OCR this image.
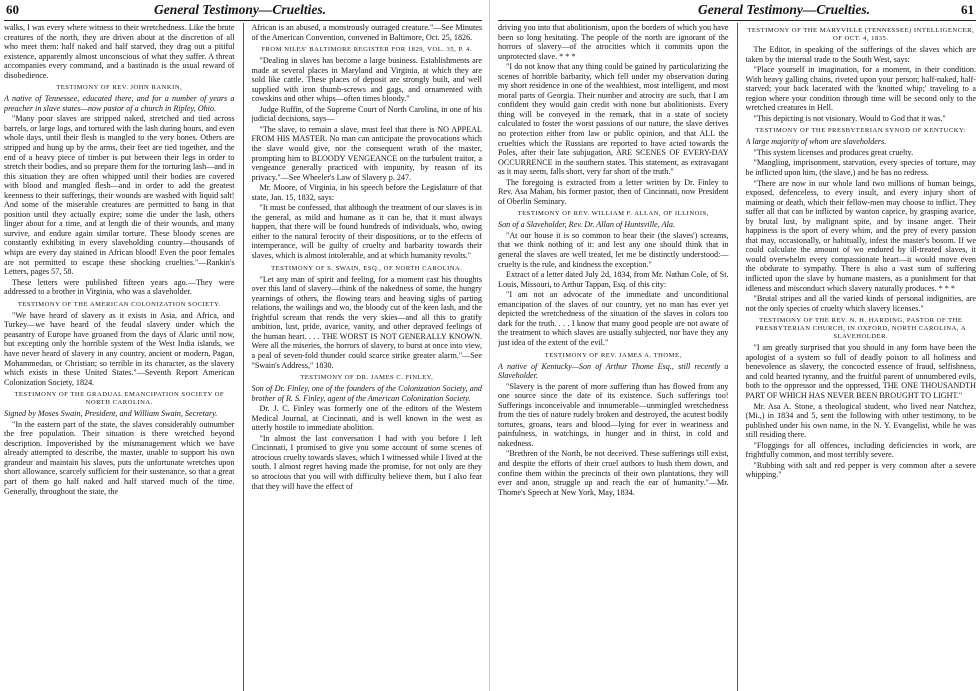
60	General Testimony—Cruelties.

walks, I was every where witness to their wretchedness. Like the brute creatures of the north, they are driven about at the discretion of all who meet them: half naked and half starved, they drag out a pitiful existence, apparently almost unconscious of what they suffer. A threat accompanies every command, and a bastinado is the usual reward of disobedience.

TESTIMONY OF REV. JOHN RANKIN,

A native of Tennessee, educated there, and for a number of years a preacher in slave states—now pastor of a church in Ripley, Ohio.

"Many poor slaves are stripped naked, stretched and tied across barrels, or large logs, and tortured with the lash during hours, and even whole days, until their flesh is mangled to the very bones. Others are stripped and hung up by the arms, their feet are tied together, and the end of a heavy piece of timber is put between their legs in order to stretch their bodies, and so prepare them for the torturing lash—and in this situation they are often whipped until their bodies are covered with blood and mangled flesh—and in order to add the greatest keenness to their sufferings, their wounds are washed with liquid salt! And some of the miserable creatures are permitted to hang in that position until they actually expire; some die under the lash, others linger about for a time, and at length die of their wounds, and many survive, and endure again similar torture. These bloody scenes are constantly exhibiting in every slaveholding country—thousands of whips are every day stained in African blood! Even the poor females are not permitted to escape these shocking cruelties."—Rankin's Letters, pages 57, 58.

These letters were published fifteen years ago.—They were addressed to a brother in Virginia, who was a slaveholder.

TESTIMONY OF THE AMERICAN COLONIZATION SOCIETY.

"We have heard of slavery as it exists in Asia, and Africa, and Turkey—we have heard of the feudal slavery under which the peasantry of Europe have groaned from the days of Alaric until now, but excepting only the horrible system of the West India islands, we have never heard of slavery in any country, ancient or modern, Pagan, Mohammedan, or Christian; so terrible in its character, as the slavery which exists in these United States."—Seventh Report American Colonization Society, 1824.

TESTIMONY OF THE GRADUAL EMANCIPATION SOCIETY OF NORTH CAROLINA.

Signed by Moses Swain, President, and William Swain, Secretary.

"In the eastern part of the state, the slaves considerably outnumber the free population. Their situation is there wretched beyond description. Impoverished by the mismanagement which we have already attempted to describe, the master, unable to support his own grandeur and maintain his slaves, puts the unfortunate wretches upon short allowance, scarcely sufficient for their sustenance, so that a great part of them go half naked and half starved much of the time. Generally, throughout the state, the

African is an abused, a monstrously outraged creature."—See Minutes of the American Convention, convened in Baltimore, Oct. 25, 1826.

FROM NILES' BALTIMORE REGISTER FOR 1829, VOL. 35, P. 4.

"Dealing in slaves has become a large business. Establishments are made at several places in Maryland and Virginia, at which they are sold like cattle. These places of deposit are strongly built, and well supplied with iron thumb-screws and gags, and ornamented with cowskins and other whips—often times bloody."

Judge Ruffin, of the Supreme Court of North Carolina, in one of his judicial decisions, says—

"The slave, to remain a slave, must feel that there is NO APPEAL FROM HIS MASTER. No man can anticipate the provocations which the slave would give, nor the consequent wrath of the master, prompting him to BLOODY VENGEANCE on the turbulent traitor, a vengeance generally practiced with impunity, by reason of its privacy."—See Wheeler's Law of Slavery p. 247.

Mr. Moore, of Virginia, in his speech before the Legislature of that state, Jan. 15, 1832, says:

"It must be confessed, that although the treatment of our slaves is in the general, as mild and humane as it can be, that it must always happen, that there will be found hundreds of individuals, who, owing either to the natural ferocity of their dispositions, or to the effects of intemperance, will be guilty of cruelty and barbarity towards their slaves, which is almost intolerable, and at which humanity revolts."

TESTIMONY OF S. SWAIN, ESQ., OF NORTH CAROLINA.

"Let any man of spirit and feeling, for a moment cast his thoughts over this land of slavery—think of the nakedness of some, the hungry yearnings of others, the flowing tears and heaving sighs of parting relations, the wailings and wo, the bloody cut of the keen lash, and the frightful scream that rends the very skies—and all this to gratify ambition, lust, pride, avarice, vanity, and other depraved feelings of the human heart. . . . THE WORST IS NOT GENERALLY KNOWN. Were all the miseries, the horrors of slavery, to burst at once into view, a peal of seven-fold thunder could scarce strike greater alarm."—See "Swain's Address," 1830.

TESTIMONY OF DR. JAMES C. FINLEY,

Son of Dr. Finley, one of the founders of the Colonization Society, and brother of R. S. Finley, agent of the American Colonization Society.

Dr. J. C. Finley was formerly one of the editors of the Western Medical Journal, at Cincinnati, and is well known in the west as utterly hostile to immediate abolition.

"In almost the last conversation I had with you before I left Cincinnati, I promised to give you some account of some scenes of atrocious cruelty towards slaves, which I witnessed while I lived at the south. I almost regret having made the promise, for not only are they so atrocious that you will with difficulty believe them, but I also fear that they will have the effect of

General Testimony—Cruelties.	61

driving you into that abolitionism, upon the borders of which you have been so long hesitating. The people of the north are ignorant of the horrors of slavery—of the atrocities which it commits upon the unprotected slave. * * *

"I do not know that any thing could be gained by particularizing the scenes of horrible barbarity, which fell under my observation during my short residence in one of the wealthiest, most intelligent, and most moral parts of Georgia. Their number and atrocity are such, that I am confident they would gain credit with none but abolitionists. Every thing will be conveyed in the remark, that in a state of society calculated to foster the worst passions of our nature, the slave derives no protection either from law or public opinion, and that ALL the cruelties which the Russians are reported to have acted towards the Poles, after their late subjugation, ARE SCENES OF EVERY-DAY OCCURRENCE in the southern states. This statement, as extravagant as it may seem, falls short, very far short of the truth."

The foregoing is extracted from a letter written by Dr. Finley to Rev. Asa Mahan, his former pastor, then of Cincinnati, now President of Oberlin Seminary.

TESTIMONY OF REV. WILLIAM F. ALLAN, OF ILLINOIS,

Son of a Slaveholder, Rev. Dr. Allan of Huntsville, Ala.

"At our house it is so common to hear their (the slaves') screams, that we think nothing of it: and lest any one should think that in general the slaves are well treated, let me be distinctly understood:—cruelty is the rule, and kindness the exception."

Extract of a letter dated July 2d, 1834, from Mr. Nathan Cole, of St. Louis, Missouri, to Arthur Tappan, Esq. of this city:

"I am not an advocate of the immediate and unconditional emancipation of the slaves of our country, yet no man has ever yet depicted the wretchedness of the situation of the slaves in colors too dark for the truth. . . . I know that many good people are not aware of the treatment to which slaves are usually subjected, nor have they any just idea of the extent of the evil."

TESTIMONY OF REV. JAMES A. THOME,

A native of Kentucky—Son of Arthur Thome Esq., still recently a Slaveholder.

"Slavery is the parent of more suffering than has flowed from any one source since the date of its existence. Such sufferings too! Sufferings inconceivable and innumerable—unmingled wretchedness from the ties of nature rudely broken and destroyed, the acutest bodily tortures, groans, tears and blood—lying for ever in weariness and painfulness, in watchings, in hunger and in thirst, in cold and nakedness.

"Brethren of the North, be not deceived. These sufferings still exist, and despite the efforts of their cruel authors to hush them down, and confine them within the precincts of their own plantations, they will ever and anon, struggle up and reach the ear of humanity."—Mr. Thome's Speech at New York, May, 1834.

TESTIMONY OF THE MARYVILLE (TENNESSEE) INTELLIGENCER, OF OCT. 4, 1835.

The Editor, in speaking of the sufferings of the slaves which are taken by the internal trade to the South West, says:

"Place yourself in imagination, for a moment, in their condition. With heavy galling chains, riveted upon your person; half-naked, half-starved; your back lacerated with the 'knotted whip;' traveling to a region where your condition through time will be second only to the wretched creatures in Hell.

"This depicting is not visionary. Would to God that it was."

TESTIMONY OF THE PRESBYTERIAN SYNOD OF KENTUCKY:

A large majority of whom are slaveholders.

"This system licenses and produces great cruelty.

"Mangling, imprisonment, starvation, every species of torture, may be inflicted upon him, (the slave,) and he has no redress.

"There are now in our whole land two millions of human beings, exposed, defenceless, to every insult, and every injury short of maiming or death, which their fellow-men may choose to inflict. They suffer all that can be inflicted by wanton caprice, by grasping avarice, by brutal lust, by malignant spite, and by insane anger. Their happiness is the sport of every whim, and the prey of every passion that may, occasionally, or habitually, infest the master's bosom. If we could calculate the amount of wo endured by ill-treated slaves, it would overwhelm every compassionate heart—it would move even the obdurate to sympathy. There is also a vast sum of suffering inflicted upon the slave by humane masters, as a punishment for that idleness and misconduct which slavery naturally produces. * * *

"Brutal stripes and all the varied kinds of personal indignities, are not the only species of cruelty which slavery licenses."

TESTIMONY OF THE REV. N. H. HARDING, PASTOR OF THE PRESBYTERIAN CHURCH, IN OXFORD, NORTH CAROLINA, A SLAVEHOLDER.

"I am greatly surprised that you should in any form have been the apologist of a system so full of deadly poison to all holiness and benevolence as slavery, the concocted essence of fraud, selfishness, and cold hearted tyranny, and the fruitful parent of unnumbered evils, both to the oppressor and the oppressed, THE ONE THOUSANDTH PART OF WHICH HAS NEVER BEEN BROUGHT TO LIGHT."

Mr. Asa A. Stone, a theological student, who lived near Natchez, (Mi.,) in 1834 and 5, sent the following with other testimony, to be published under his own name, in the N. Y. Evangelist, while he was still residing there.

"Floggings for all offences, including deficiencies in work, are frightfully common, and most terribly severe.

"Rubbing with salt and red pepper is very common after a severe whipping."
